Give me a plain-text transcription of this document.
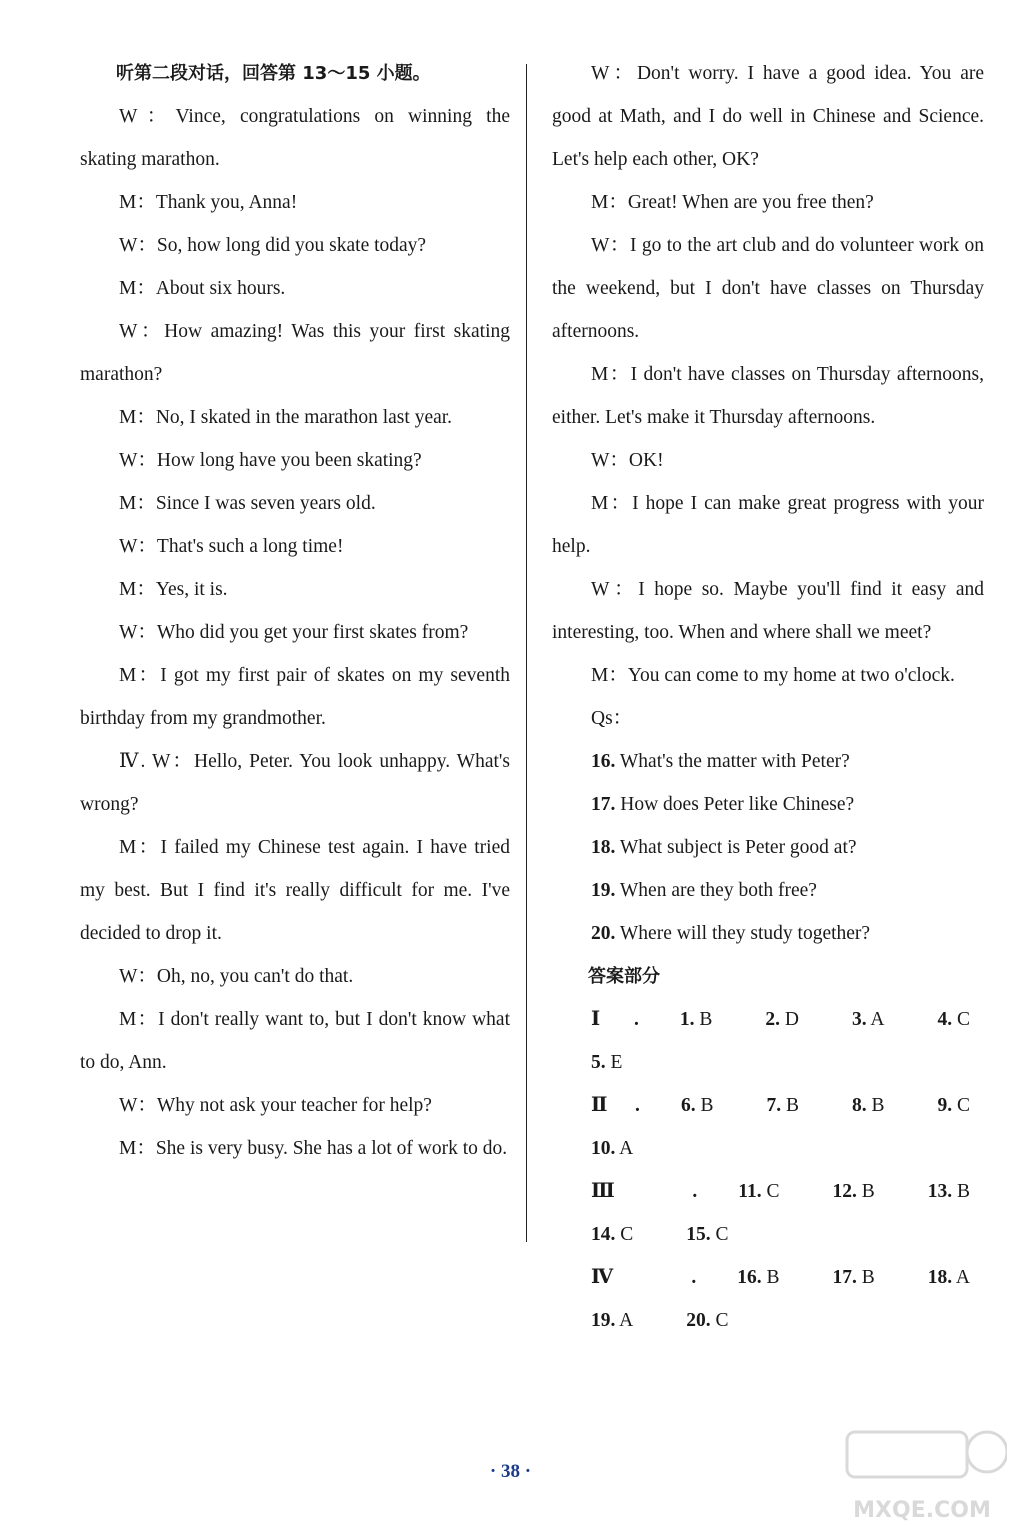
听第二段对话，回答第 13～15 小题。

W：Vince, congratulations on winning the skating marathon.

M：Thank you, Anna!

W：So, how long did you skate today?

M：About six hours.

W：How amazing! Was this your first skating marathon?

M：No, I skated in the marathon last year.

W：How long have you been skating?

M：Since I was seven years old.

W：That's such a long time!

M：Yes, it is.

W：Who did you get your first skates from?

M：I got my first pair of skates on my seventh birthday from my grandmother.

Ⅳ. W：Hello, Peter. You look unhappy. What's wrong?

M：I failed my Chinese test again. I have tried my best. But I find it's really difficult for me. I've decided to drop it.

W：Oh, no, you can't do that.

M：I don't really want to, but I don't know what to do, Ann.

W：Why not ask your teacher for help?

M：She is very busy. She has a lot of work to do.

W：Don't worry. I have a good idea. You are good at Math, and I do well in Chinese and Science. Let's help each other, OK?

M：Great! When are you free then?

W：I go to the art club and do volunteer work on the weekend, but I don't have classes on Thursday afternoons.

M：I don't have classes on Thursday afternoons, either. Let's make it Thursday afternoons.

W：OK!

M：I hope I can make great progress with your help.

W：I hope so. Maybe you'll find it easy and interesting, too. When and where shall we meet?

M：You can come to my home at two o'clock.

Qs：

16. What's the matter with Peter?

17. How does Peter like Chinese?

18. What subject is Peter good at?

19. When are they both free?

20. Where will they study together?

答案部分

Ⅰ. 1. B	2. D	3. A	4. C5. E

Ⅱ. 6. B	7. B	8. B	9. C10. A

Ⅲ. 11. C	12. B	13. B14. C	15. C

Ⅳ. 16. B	17. B	18. A19. A	20. C

· 38 ·
MXQE.COM
